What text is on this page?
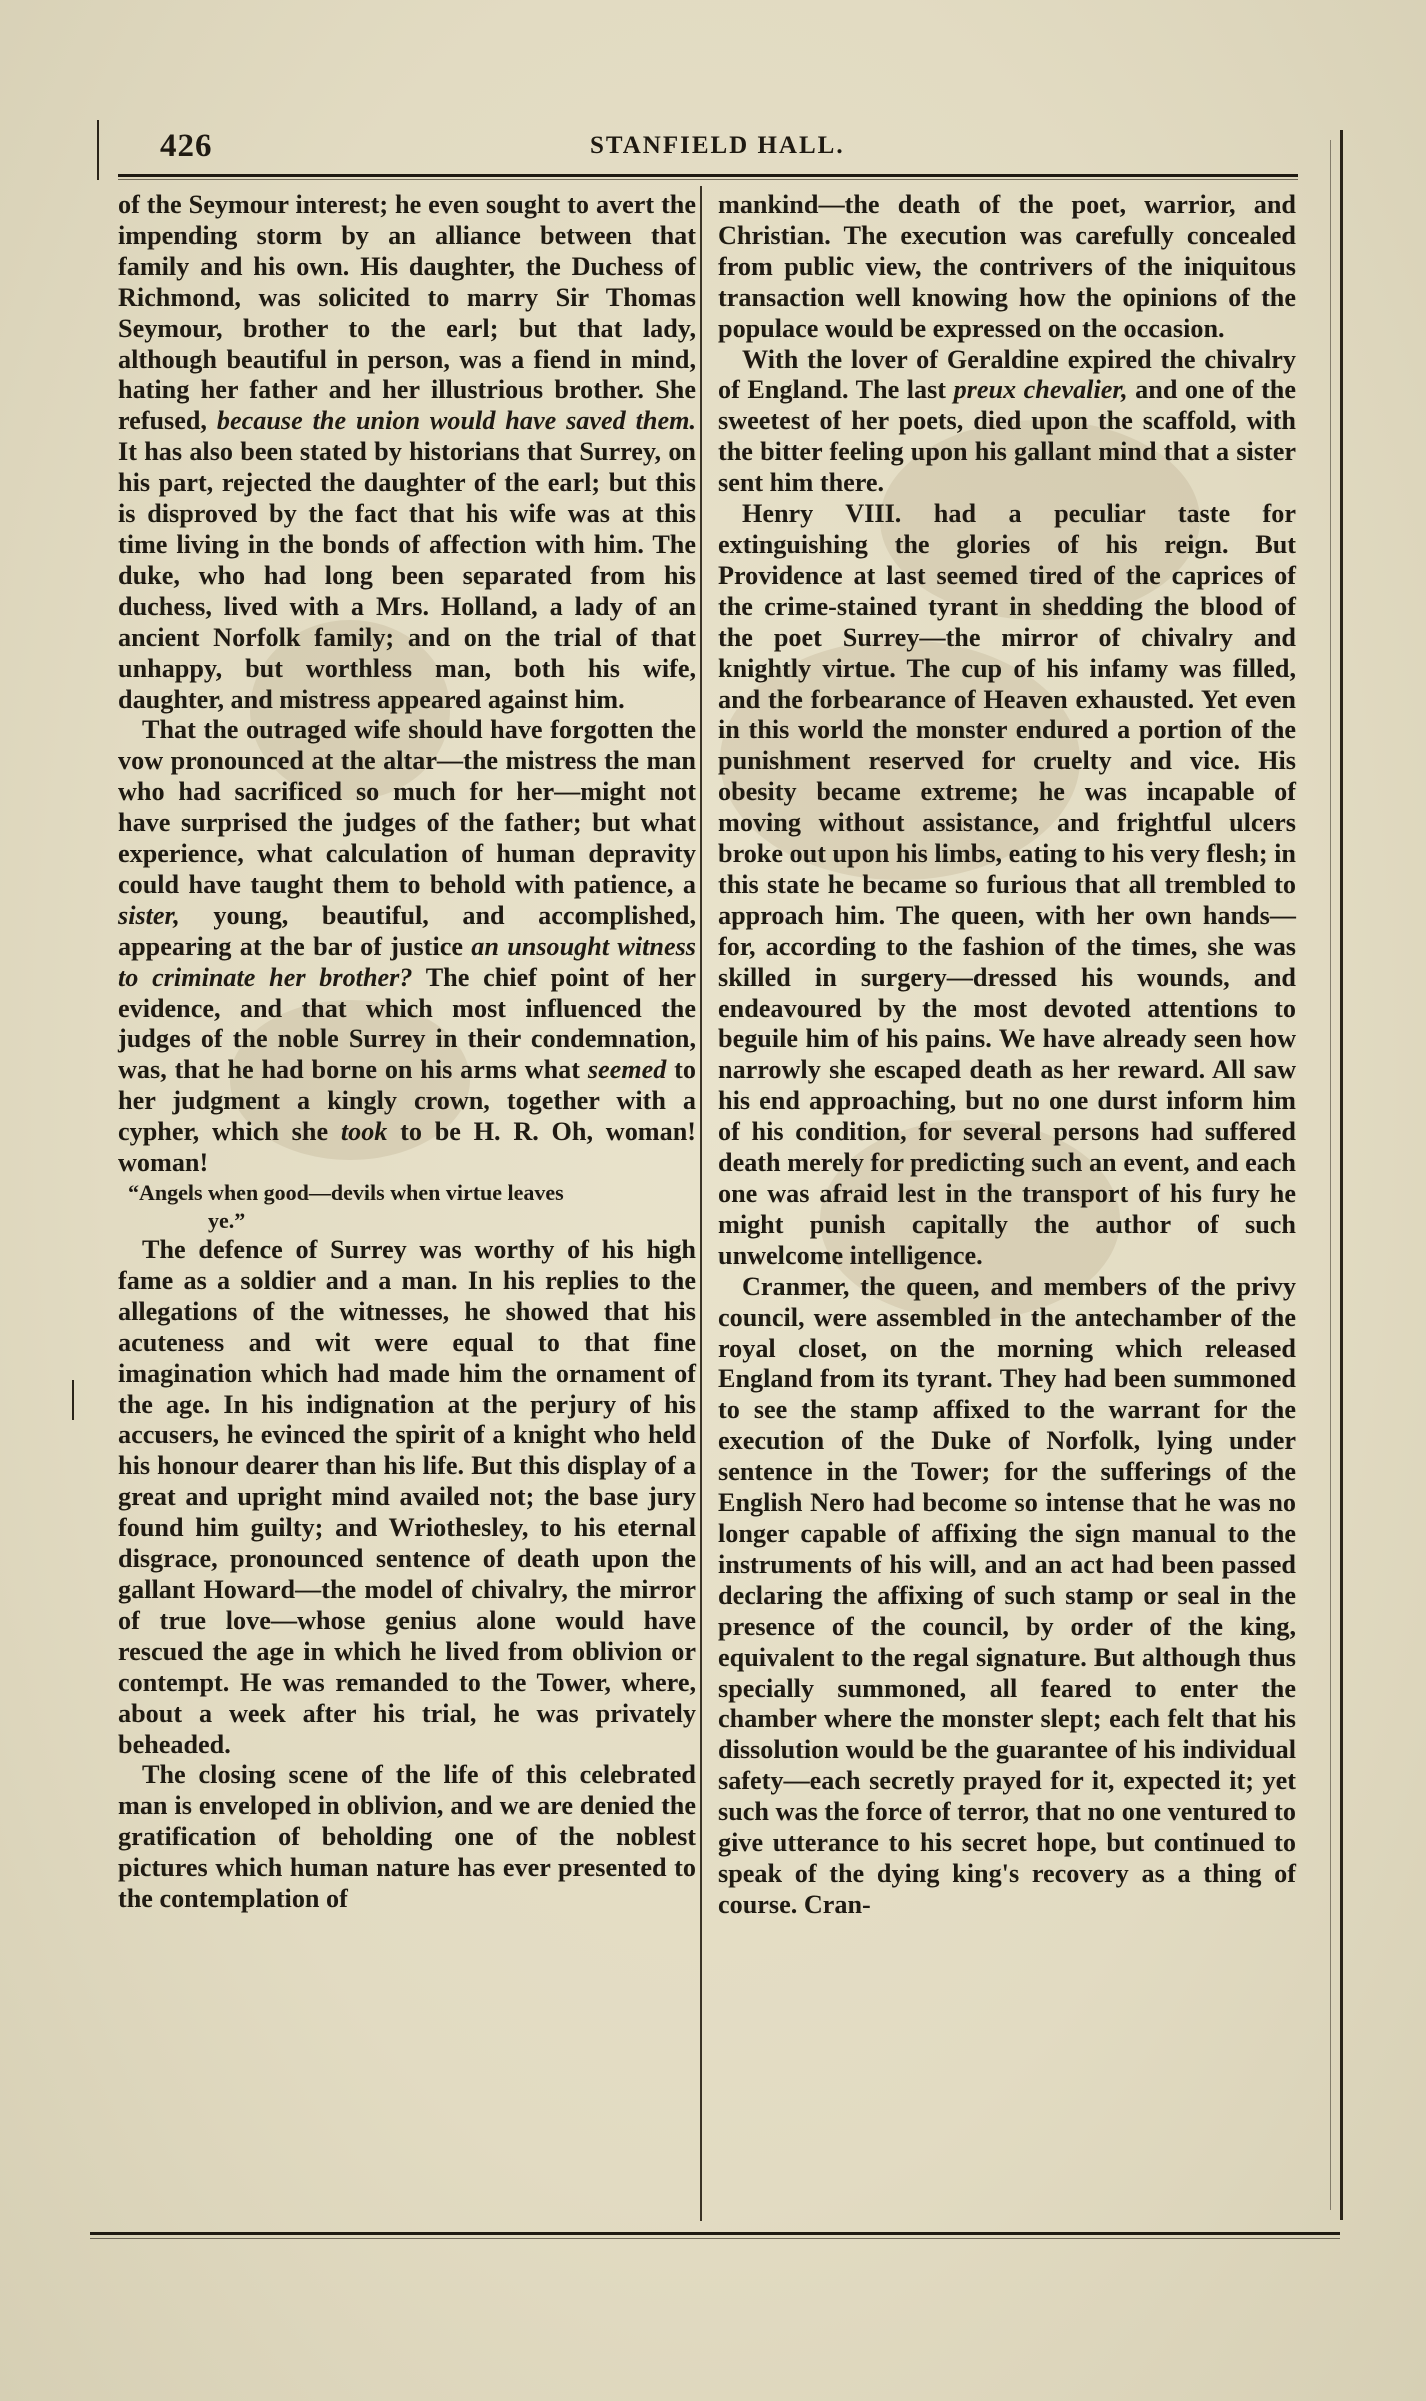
426	STANFIELD HALL.

of the Seymour interest; he even sought to avert the impending storm by an alliance between that family and his own. His daughter, the Duchess of Richmond, was solicited to marry Sir Thomas Seymour, brother to the earl; but that lady, although beautiful in person, was a fiend in mind, hating her father and her illustrious brother. She refused, because the union would have saved them. It has also been stated by historians that Surrey, on his part, rejected the daughter of the earl; but this is disproved by the fact that his wife was at this time living in the bonds of affection with him. The duke, who had long been separated from his duchess, lived with a Mrs. Holland, a lady of an ancient Norfolk family; and on the trial of that unhappy, but worthless man, both his wife, daughter, and mistress appeared against him.

That the outraged wife should have forgotten the vow pronounced at the altar—the mistress the man who had sacrificed so much for her—might not have surprised the judges of the father; but what experience, what calculation of human depravity could have taught them to behold with patience, a sister, young, beautiful, and accomplished, appearing at the bar of justice an unsought witness to criminate her brother? The chief point of her evidence, and that which most influenced the judges of the noble Surrey in their condemnation, was, that he had borne on his arms what seemed to her judgment a kingly crown, together with a cypher, which she took to be H. R. Oh, woman! woman!

“Angels when good—devils when virtue leaves
ye.”

The defence of Surrey was worthy of his high fame as a soldier and a man. In his replies to the allegations of the witnesses, he showed that his acuteness and wit were equal to that fine imagination which had made him the ornament of the age. In his indignation at the perjury of his accusers, he evinced the spirit of a knight who held his honour dearer than his life. But this display of a great and upright mind availed not; the base jury found him guilty; and Wriothesley, to his eternal disgrace, pronounced sentence of death upon the gallant Howard—the model of chivalry, the mirror of true love—whose genius alone would have rescued the age in which he lived from oblivion or contempt. He was remanded to the Tower, where, about a week after his trial, he was privately beheaded.

The closing scene of the life of this celebrated man is enveloped in oblivion, and we are denied the gratification of beholding one of the noblest pictures which human nature has ever presented to the contemplation of

mankind—the death of the poet, warrior, and Christian. The execution was carefully concealed from public view, the contrivers of the iniquitous transaction well knowing how the opinions of the populace would be expressed on the occasion.

With the lover of Geraldine expired the chivalry of England. The last preux chevalier, and one of the sweetest of her poets, died upon the scaffold, with the bitter feeling upon his gallant mind that a sister sent him there.

Henry VIII. had a peculiar taste for extinguishing the glories of his reign. But Providence at last seemed tired of the caprices of the crime-stained tyrant in shedding the blood of the poet Surrey—the mirror of chivalry and knightly virtue. The cup of his infamy was filled, and the forbearance of Heaven exhausted. Yet even in this world the monster endured a portion of the punishment reserved for cruelty and vice. His obesity became extreme; he was incapable of moving without assistance, and frightful ulcers broke out upon his limbs, eating to his very flesh; in this state he became so furious that all trembled to approach him. The queen, with her own hands—for, according to the fashion of the times, she was skilled in surgery—dressed his wounds, and endeavoured by the most devoted attentions to beguile him of his pains. We have already seen how narrowly she escaped death as her reward. All saw his end approaching, but no one durst inform him of his condition, for several persons had suffered death merely for predicting such an event, and each one was afraid lest in the transport of his fury he might punish capitally the author of such unwelcome intelligence.

Cranmer, the queen, and members of the privy council, were assembled in the antechamber of the royal closet, on the morning which released England from its tyrant. They had been summoned to see the stamp affixed to the warrant for the execution of the Duke of Norfolk, lying under sentence in the Tower; for the sufferings of the English Nero had become so intense that he was no longer capable of affixing the sign manual to the instruments of his will, and an act had been passed declaring the affixing of such stamp or seal in the presence of the council, by order of the king, equivalent to the regal signature. But although thus specially summoned, all feared to enter the chamber where the monster slept; each felt that his dissolution would be the guarantee of his individual safety—each secretly prayed for it, expected it; yet such was the force of terror, that no one ventured to give utterance to his secret hope, but continued to speak of the dying king's recovery as a thing of course. Cran-
